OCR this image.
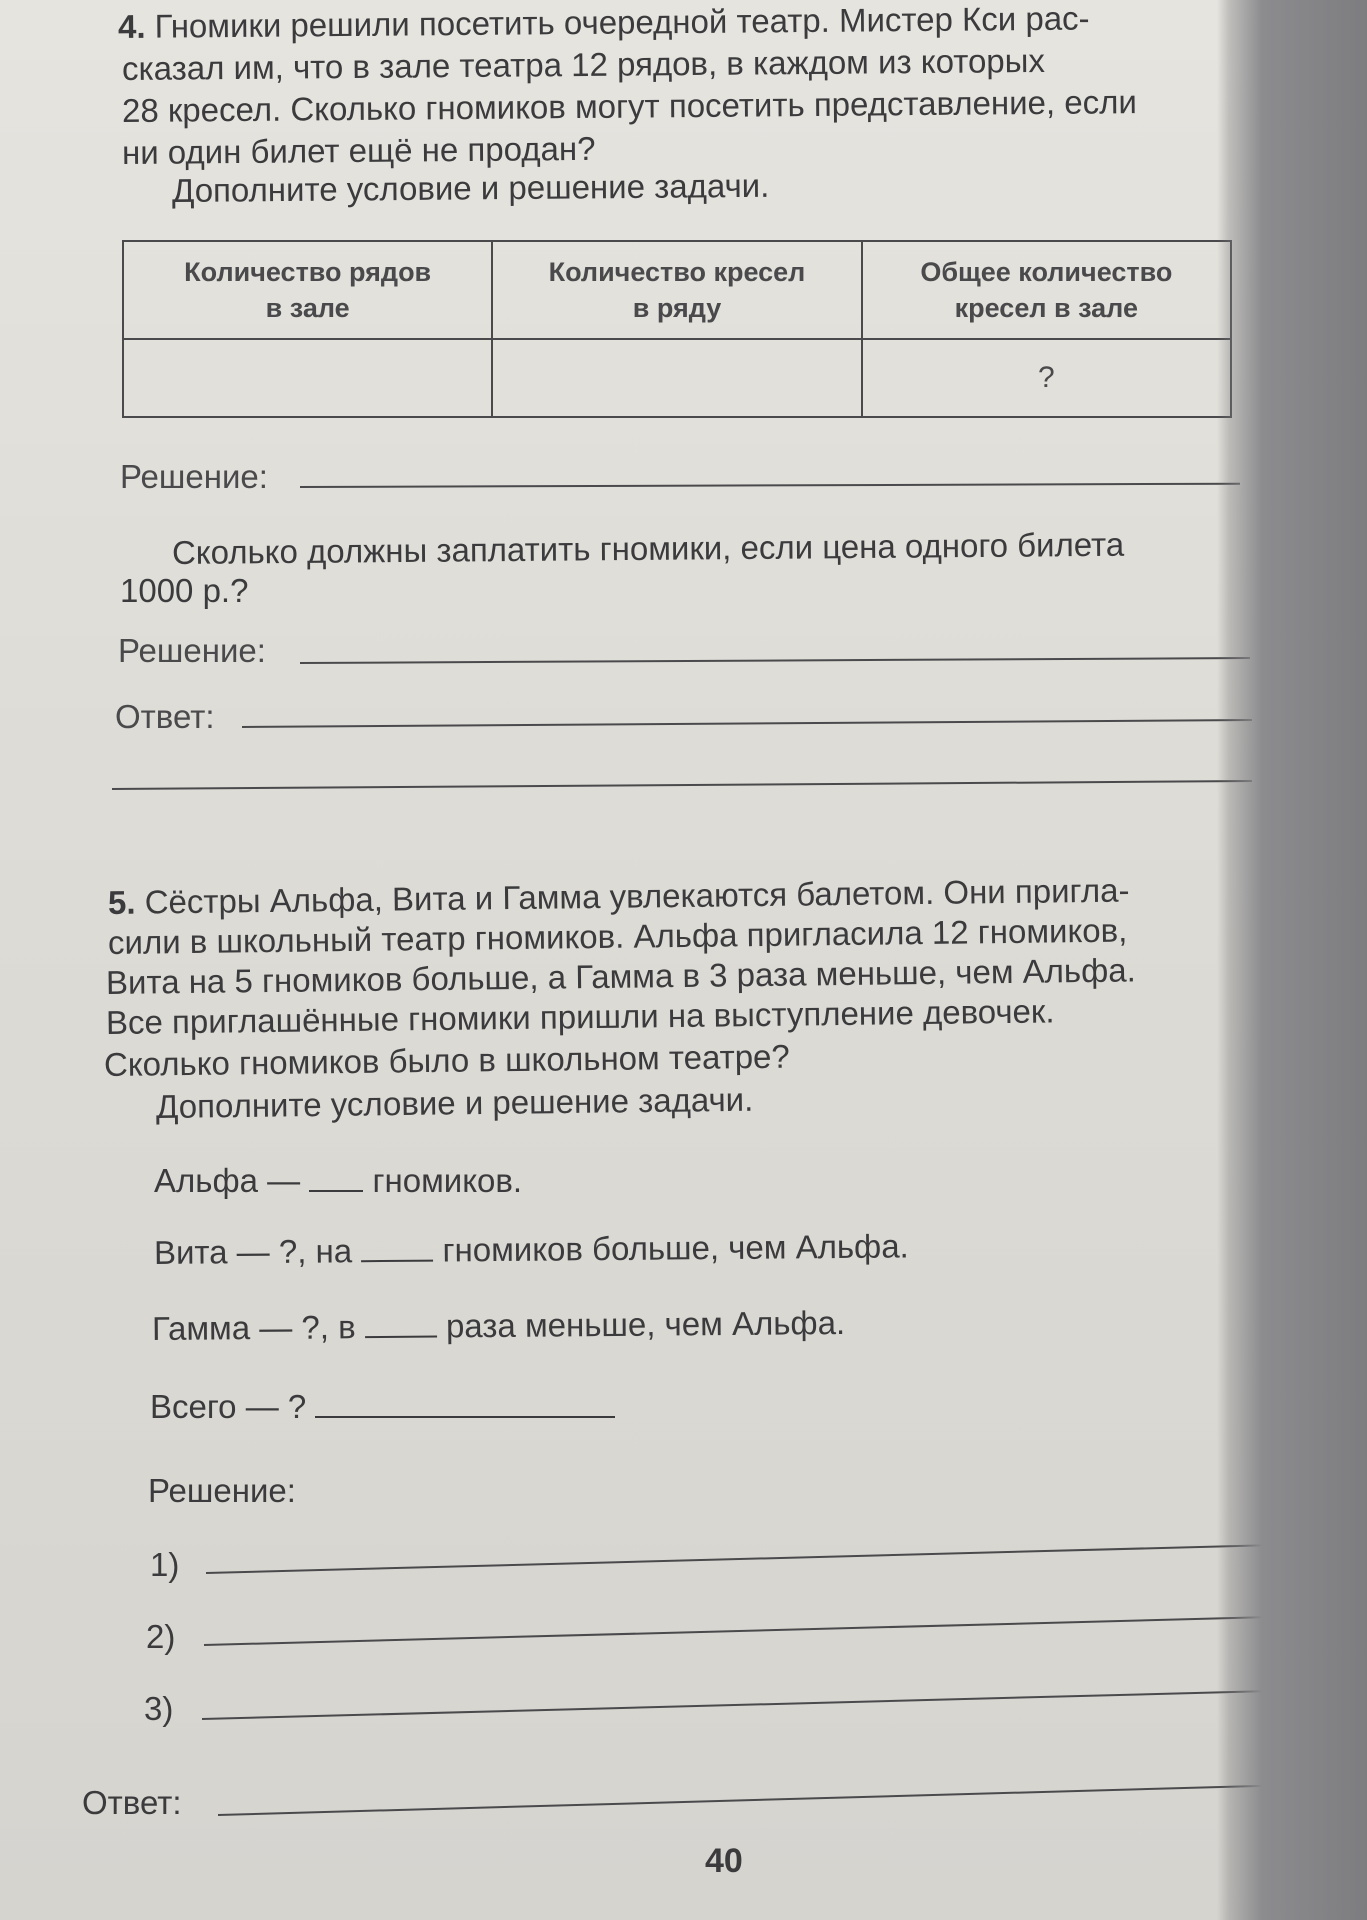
4. Гномики решили посетить очередной театр. Мистер Кси рас-
сказал им, что в зале театра 12 рядов, в каждом из которых
28 кресел. Сколько гномиков могут посетить представление, если
ни один билет ещё не продан?
Дополните условие и решение задачи.
Количество рядов
в зале	Количество кресел
в ряду	Общее количество
кресел в зале
		?
Решение:
Сколько должны заплатить гномики, если цена одного билета
1000 р.?
Решение:
Ответ:
5. Сёстры Альфа, Вита и Гамма увлекаются балетом. Они пригла-
сили в школьный театр гномиков. Альфа пригласила 12 гномиков,
Вита на 5 гномиков больше, а Гамма в 3 раза меньше, чем Альфа.
Все приглашённые гномики пришли на выступление девочек.
Сколько гномиков было в школьном театре?
Дополните условие и решение задачи.
Альфа — гномиков.
Вита — ?, на	гномиков больше, чем Альфа.
Гамма — ?, в	раза меньше, чем Альфа.
Всего — ?
Решение:
1)
2)
3)
Ответ:
40
